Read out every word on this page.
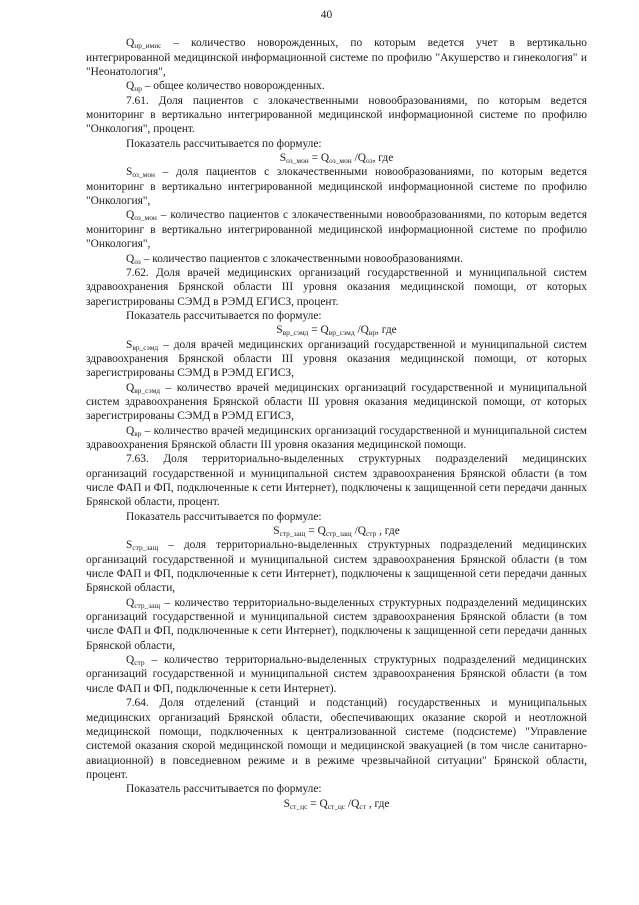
40

$Q_{нр\_имис}$ – количество новорожденных, по которым ведется учет в вертикально интегрированной медицинской информационной системе по профилю "Акушерство и гинекология" и "Неонатология",

$Q_{нр}$ – общее количество новорожденных.

7.61. Доля пациентов с злокачественными новообразованиями, по которым ведется мониторинг в вертикально интегрированной медицинской информационной системе по профилю "Онкология", процент.

Показатель рассчитывается по формуле:

$S_{оз\_мон} = Q_{оз\_мон}$ $/Q_{оз}$, где

$S_{оз\_мон}$ – доля пациентов с злокачественными новообразованиями, по которым ведется мониторинг в вертикально интегрированной медицинской информационной системе по профилю "Онкология",

$Q_{оз\_мон}$ – количество пациентов с злокачественными новообразованиями, по которым ведется мониторинг в вертикально интегрированной медицинской информационной системе по профилю "Онкология",

$Q_{оз}$ – количество пациентов с злокачественными новообразованиями.

7.62. Доля врачей медицинских организаций государственной и муниципальной систем здравоохранения Брянской области III уровня оказания медицинской помощи, от которых зарегистрированы СЭМД в РЭМД ЕГИСЗ, процент.

Показатель рассчитывается по формуле:

$S_{вр\_сэмд} = Q_{вр\_сэмд}$ $/Q_{вр}$, где

$S_{вр\_сэмд}$ – доля врачей медицинских организаций государственной и муниципальной систем здравоохранения Брянской области III уровня оказания медицинской помощи, от которых зарегистрированы СЭМД в РЭМД ЕГИСЗ,

$Q_{вр\_сэмд}$ – количество врачей медицинских организаций государственной и муниципальной систем здравоохранения Брянской области III уровня оказания медицинской помощи, от которых зарегистрированы СЭМД в РЭМД ЕГИСЗ,

$Q_{вр}$ – количество врачей медицинских организаций государственной и муниципальной систем здравоохранения Брянской области III уровня оказания медицинской помощи.

7.63. Доля территориально-выделенных структурных подразделений медицинских организаций государственной и муниципальной систем здравоохранения Брянской области (в том числе ФАП и ФП, подключенные к сети Интернет), подключены к защищенной сети передачи данных Брянской области, процент.

Показатель рассчитывается по формуле:

$S_{стр\_защ} = Q_{стр\_защ}$ $/Q_{стр}$ , где

$S_{стр\_защ}$ – доля территориально-выделенных структурных подразделений медицинских организаций государственной и муниципальной систем здравоохранения Брянской области (в том числе ФАП и ФП, подключенные к сети Интернет), подключены к защищенной сети передачи данных Брянской области,

$Q_{стр\_защ}$ – количество территориально-выделенных структурных подразделений медицинских организаций государственной и муниципальной систем здравоохранения Брянской области (в том числе ФАП и ФП, подключенные к сети Интернет), подключены к защищенной сети передачи данных Брянской области,

$Q_{стр}$ – количество территориально-выделенных структурных подразделений медицинских организаций государственной и муниципальной систем здравоохранения Брянской области (в том числе ФАП и ФП, подключенные к сети Интернет).

7.64. Доля отделений (станций и подстанций) государственных и муниципальных медицинских организаций Брянской области, обеспечивающих оказание скорой и неотложной медицинской помощи, подключенных к централизованной системе (подсистеме) "Управление системой оказания скорой медицинской помощи и медицинской эвакуацией (в том числе санитарно-авиационной) в повседневном режиме и в режиме чрезвычайной ситуации" Брянской области, процент.

Показатель рассчитывается по формуле:

$S_{ст\_цс} = Q_{ст\_цс}$ $/Q_{ст}$ , где
